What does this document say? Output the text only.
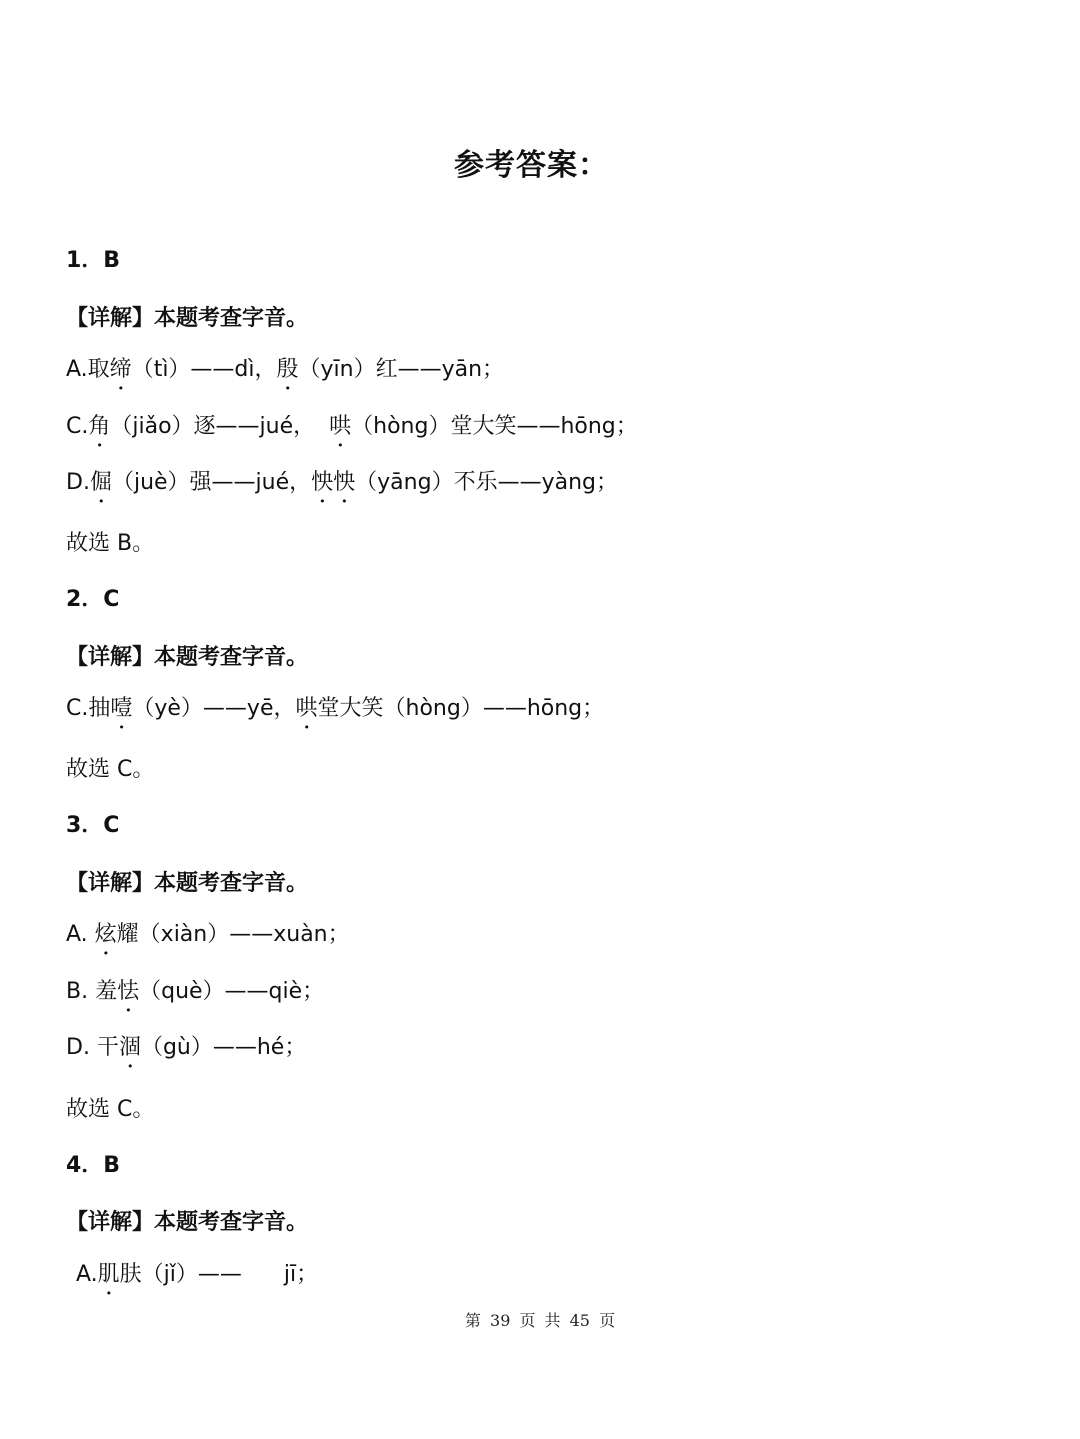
参考答案：

1．B

【详解】本题考查字音。

A.取缔（tì）——dì，殷（yīn）红——yān；

C.角（jiǎo）逐——jué，  哄（hòng）堂大笑——hōng；

D.倔（juè）强——jué，怏怏（yāng）不乐——yàng；

故选 B。

2．C

【详解】本题考查字音。

C.抽噎（yè）——yē，哄堂大笑（hòng）——hōng；

故选 C。

3．C

【详解】本题考查字音。

A. 炫耀（xiàn）——xuàn；

B. 羞怯（què）——qiè；

D. 干涸（gù）——hé；

故选 C。

4．B

【详解】本题考查字音。

A.肌肤（jǐ）——      jī；

第 39 页 共 45 页
